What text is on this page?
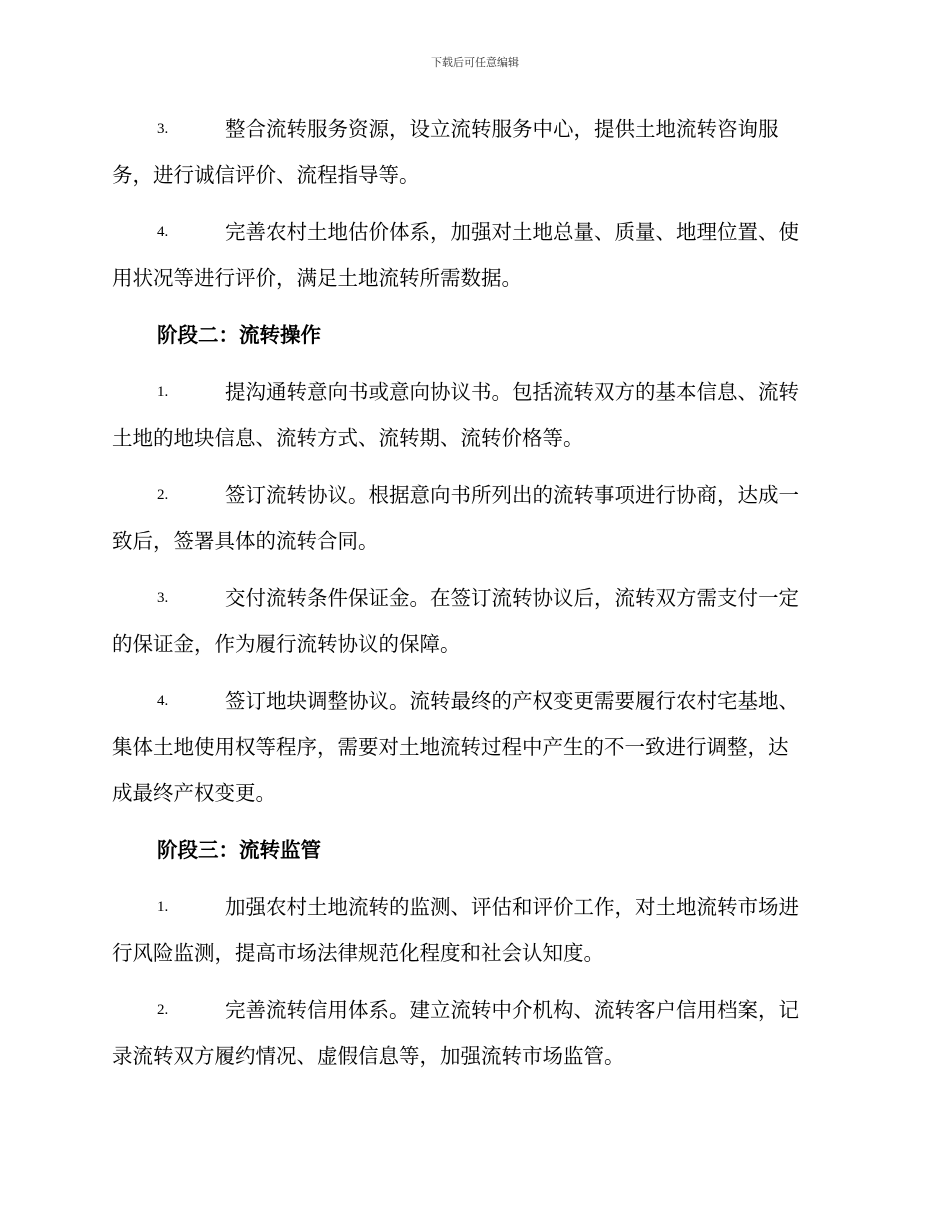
下载后可任意编辑
3.	整合流转服务资源，设立流转服务中心，提供土地流转咨询服
务，进行诚信评价、流程指导等。
4.	完善农村土地估价体系，加强对土地总量、质量、地理位置、使
用状况等进行评价，满足土地流转所需数据。
阶段二：流转操作
1.	提沟通转意向书或意向协议书。包括流转双方的基本信息、流转
土地的地块信息、流转方式、流转期、流转价格等。
2.	签订流转协议。根据意向书所列出的流转事项进行协商，达成一
致后，签署具体的流转合同。
3.	交付流转条件保证金。在签订流转协议后，流转双方需支付一定
的保证金，作为履行流转协议的保障。
4.	签订地块调整协议。流转最终的产权变更需要履行农村宅基地、
集体土地使用权等程序，需要对土地流转过程中产生的不一致进行调整，达
成最终产权变更。
阶段三：流转监管
1.	加强农村土地流转的监测、评估和评价工作，对土地流转市场进
行风险监测，提高市场法律规范化程度和社会认知度。
2.	完善流转信用体系。建立流转中介机构、流转客户信用档案，记
录流转双方履约情况、虚假信息等，加强流转市场监管。
